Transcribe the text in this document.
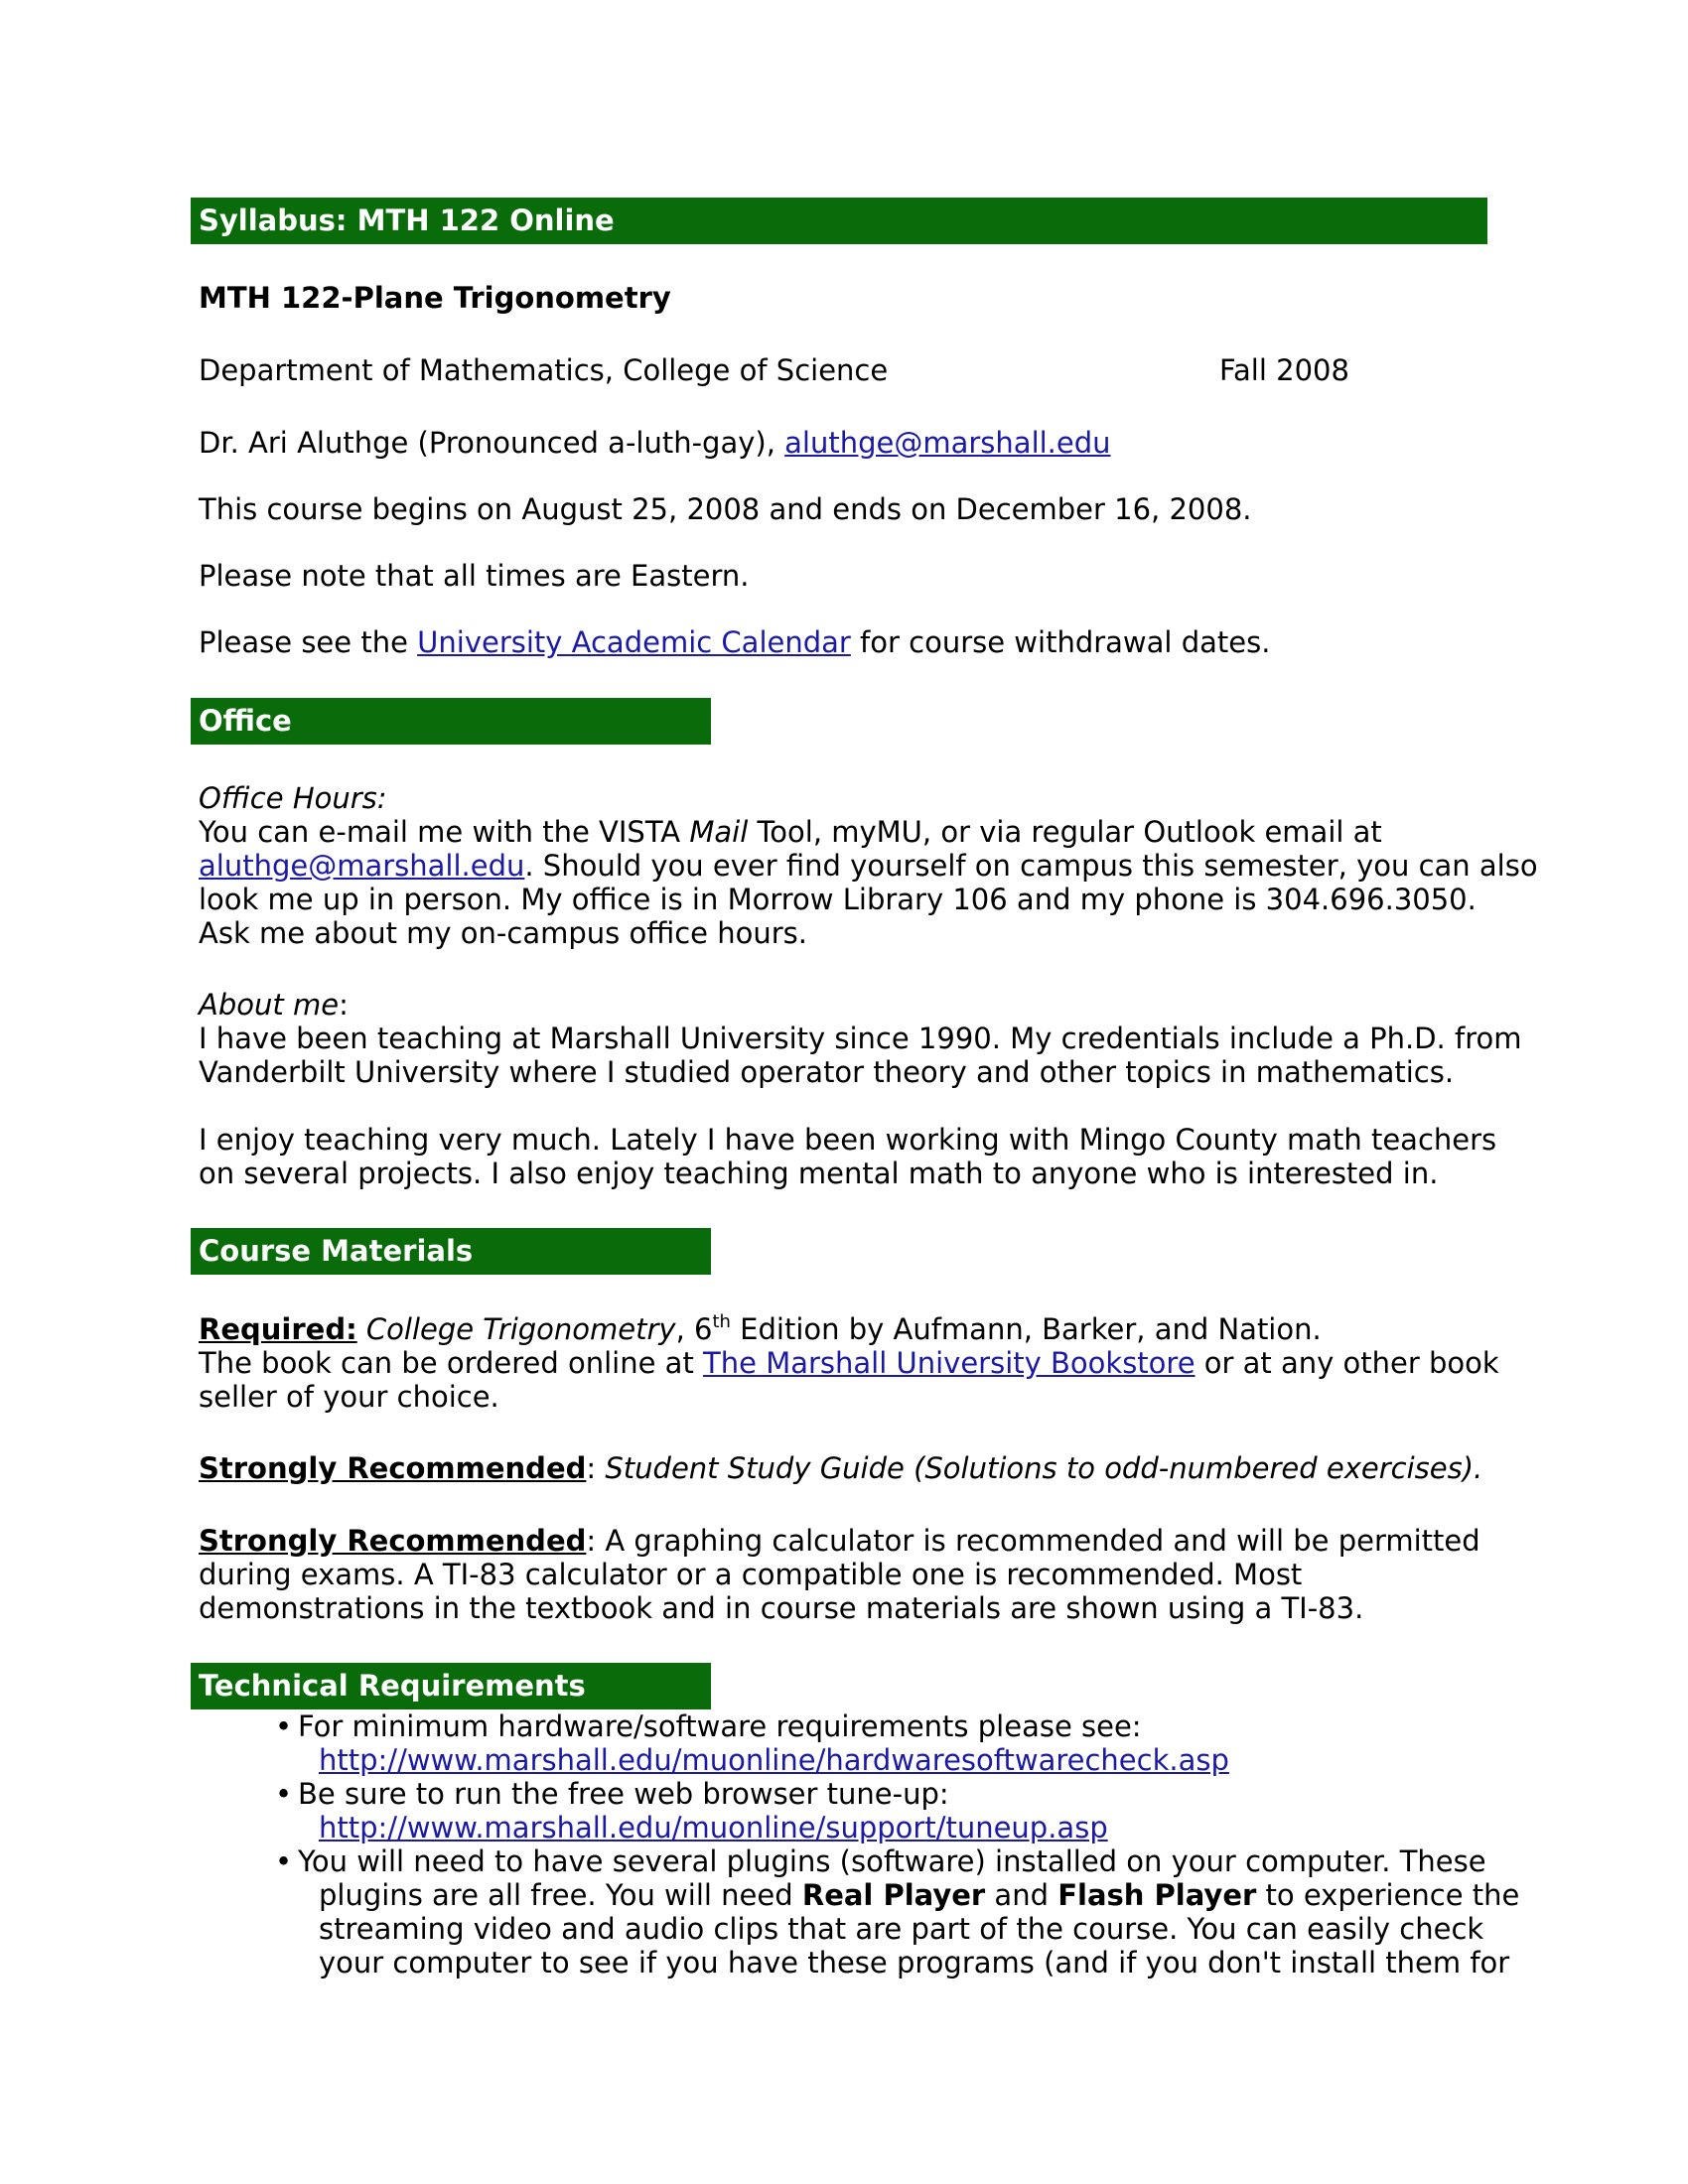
Syllabus: MTH 122 Online
MTH 122-Plane Trigonometry
Department of Mathematics, College of Science	Fall 2008
Dr. Ari Aluthge (Pronounced a-luth-gay), aluthge@marshall.edu
This course begins on August 25, 2008 and ends on December 16, 2008.
Please note that all times are Eastern.
Please see the University Academic Calendar for course withdrawal dates.
Office
Office Hours:
You can e-mail me with the VISTA Mail Tool, myMU, or via regular Outlook email at
aluthge@marshall.edu. Should you ever find yourself on campus this semester, you can also
look me up in person. My office is in Morrow Library 106 and my phone is 304.696.3050.
Ask me about my on-campus office hours.
About me:
I have been teaching at Marshall University since 1990. My credentials include a Ph.D. from
Vanderbilt University where I studied operator theory and other topics in mathematics.
I enjoy teaching very much. Lately I have been working with Mingo County math teachers
on several projects. I also enjoy teaching mental math to anyone who is interested in.
Course Materials
Required: College Trigonometry, 6th Edition by Aufmann, Barker, and Nation.
The book can be ordered online at The Marshall University Bookstore or at any other book
seller of your choice.
Strongly Recommended: Student Study Guide (Solutions to odd-numbered exercises).
Strongly Recommended: A graphing calculator is recommended and will be permitted
during exams. A TI-83 calculator or a compatible one is recommended. Most
demonstrations in the textbook and in course materials are shown using a TI-83.
Technical Requirements
• For minimum hardware/software requirements please see:
http://www.marshall.edu/muonline/hardwaresoftwarecheck.asp
• Be sure to run the free web browser tune-up:
http://www.marshall.edu/muonline/support/tuneup.asp
• You will need to have several plugins (software) installed on your computer. These
plugins are all free. You will need Real Player and Flash Player to experience the
streaming video and audio clips that are part of the course. You can easily check
your computer to see if you have these programs (and if you don't install them for
